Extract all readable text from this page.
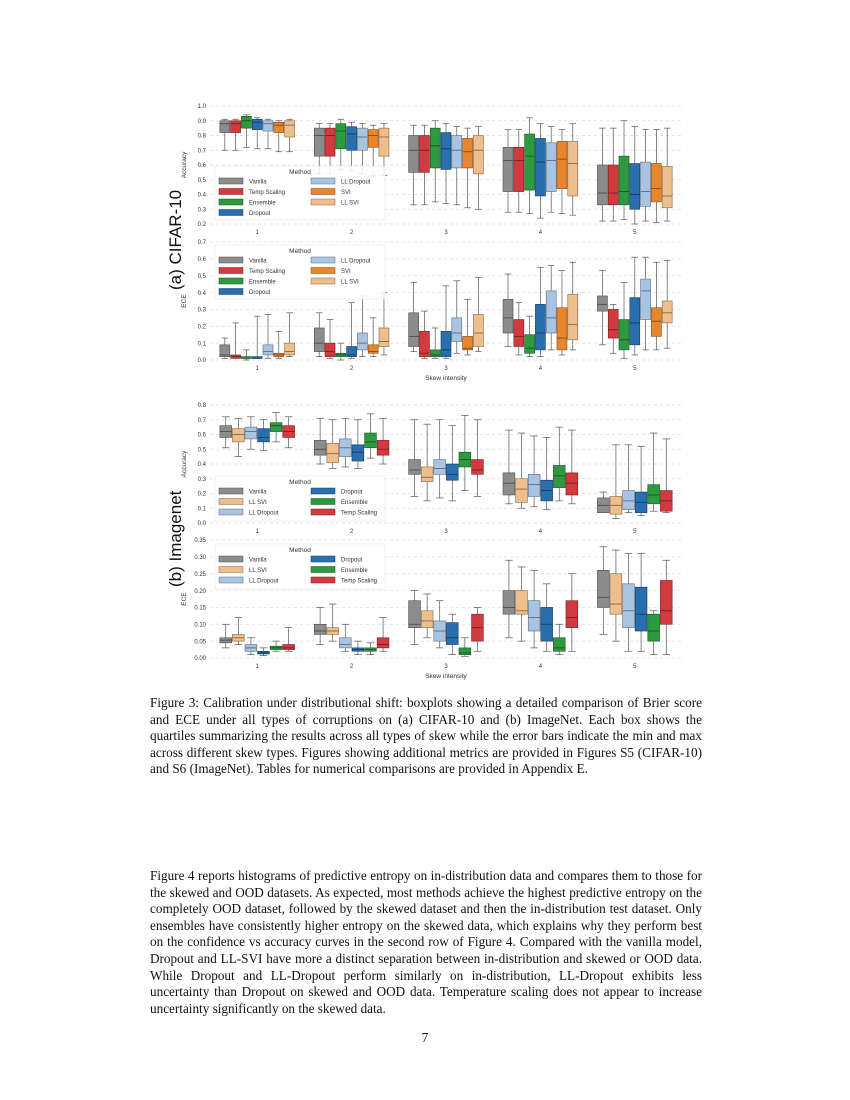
0.2
0.3
0.4
0.5
0.6
0.7
0.8
0.9
1.0
Accuracy
1	2	3	4	5
Method
Vanilla
Temp Scaling
Ensemble
Dropout
LL Dropout
SVI
LL SVI
0.0
0.1
0.2
0.3
0.4
0.5
0.6
0.7
ECE
1	2	3	4	5
Skew intensity
Method
Vanilla
Temp Scaling
Ensemble
Dropout
LL Dropout
SVI
LL SVI
0.0
0.1
0.2
0.3
0.4
0.5
0.6
0.7
0.8
Accuracy
1	2	3	4	5
Method
Vanilla
LL SVI
LL Dropout
Dropout
Ensemble
Temp Scaling
0.00
0.05
0.10
0.15
0.20
0.25
0.30
0.35
ECE
1	2	3	4	5
Skew intensity
Method
Vanilla
LL SVI
LL Dropout
Dropout
Ensemble
Temp Scaling
(a) CIFAR-10
(b) Imagenet
Figure 3: Calibration under distributional shift: boxplots showing a detailed comparison of Brier score and ECE under all types of corruptions on (a) CIFAR-10 and (b) ImageNet. Each box shows the quartiles summarizing the results across all types of skew while the error bars indicate the min and max across different skew types. Figures showing additional metrics are provided in Figures S5 (CIFAR-10) and S6 (ImageNet). Tables for numerical comparisons are provided in Appendix E.
Figure 4 reports histograms of predictive entropy on in-distribution data and compares them to those for the skewed and OOD datasets. As expected, most methods achieve the highest predictive entropy on the completely OOD dataset, followed by the skewed dataset and then the in-distribution test dataset. Only ensembles have consistently higher entropy on the skewed data, which explains why they perform best on the confidence vs accuracy curves in the second row of Figure 4. Compared with the vanilla model, Dropout and LL-SVI have more a distinct separation between in-distribution and skewed or OOD data. While Dropout and LL-Dropout perform similarly on in-distribution, LL-Dropout exhibits less uncertainty than Dropout on skewed and OOD data. Temperature scaling does not appear to increase uncertainty significantly on the skewed data.
7
